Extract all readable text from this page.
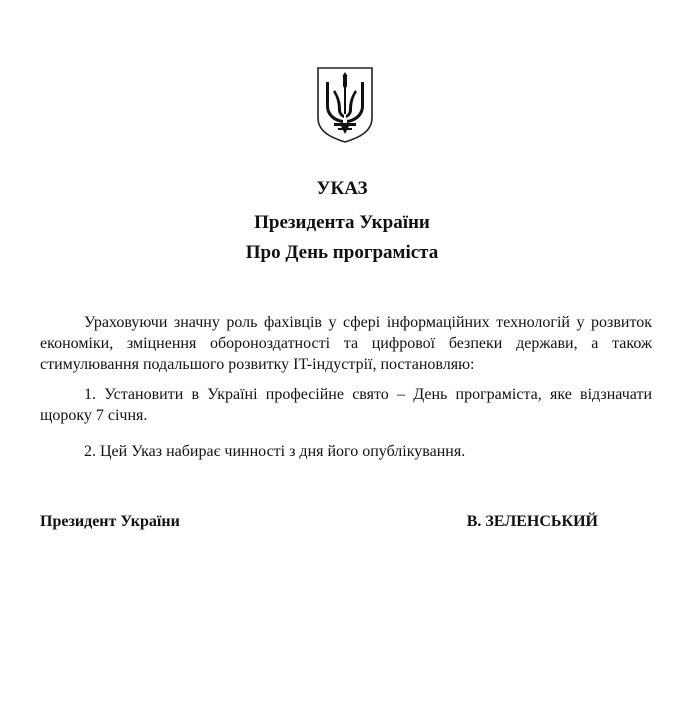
УКАЗ
Президента України
Про День програміста

Ураховуючи значну роль фахівців у сфері інформаційних технологій у розвиток економіки, зміцнення обороноздатності та цифрової безпеки держави, а також стимулювання подальшого розвитку IT-індустрії, постановляю:

1. Установити в Україні професійне свято – День програміста, яке відзначати щороку 7 січня.

2. Цей Указ набирає чинності з дня його опублікування.

Президент України	В. ЗЕЛЕНСЬКИЙ
